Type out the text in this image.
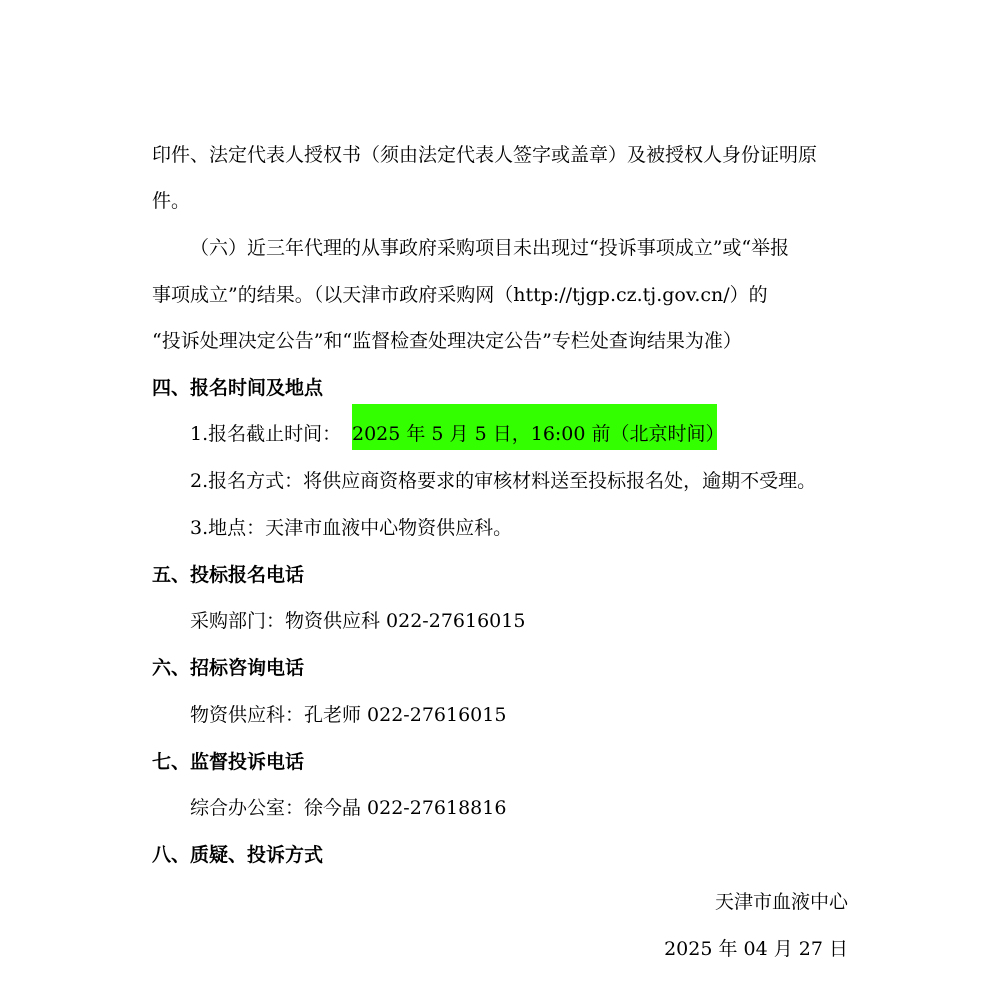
印件、法定代表人授权书（须由法定代表人签字或盖章）及被授权人身份证明原
件。
（六）近三年代理的从事政府采购项目未出现过“投诉事项成立”或“举报
事项成立”的结果。（以天津市政府采购网（http://tjgp.cz.tj.gov.cn/）的
“投诉处理决定公告”和“监督检查处理决定公告”专栏处查询结果为准）
四、报名时间及地点
1.报名截止时间： 2025 年 5 月 5 日，16:00 前（北京时间）
2.报名方式：将供应商资格要求的审核材料送至投标报名处，逾期不受理。
3.地点：天津市血液中心物资供应科。
五、投标报名电话
采购部门：物资供应科 022-27616015
六、招标咨询电话
物资供应科：孔老师 022-27616015
七、监督投诉电话
综合办公室：徐今晶 022-27618816
八、质疑、投诉方式
天津市血液中心
2025 年 04 月 27 日
